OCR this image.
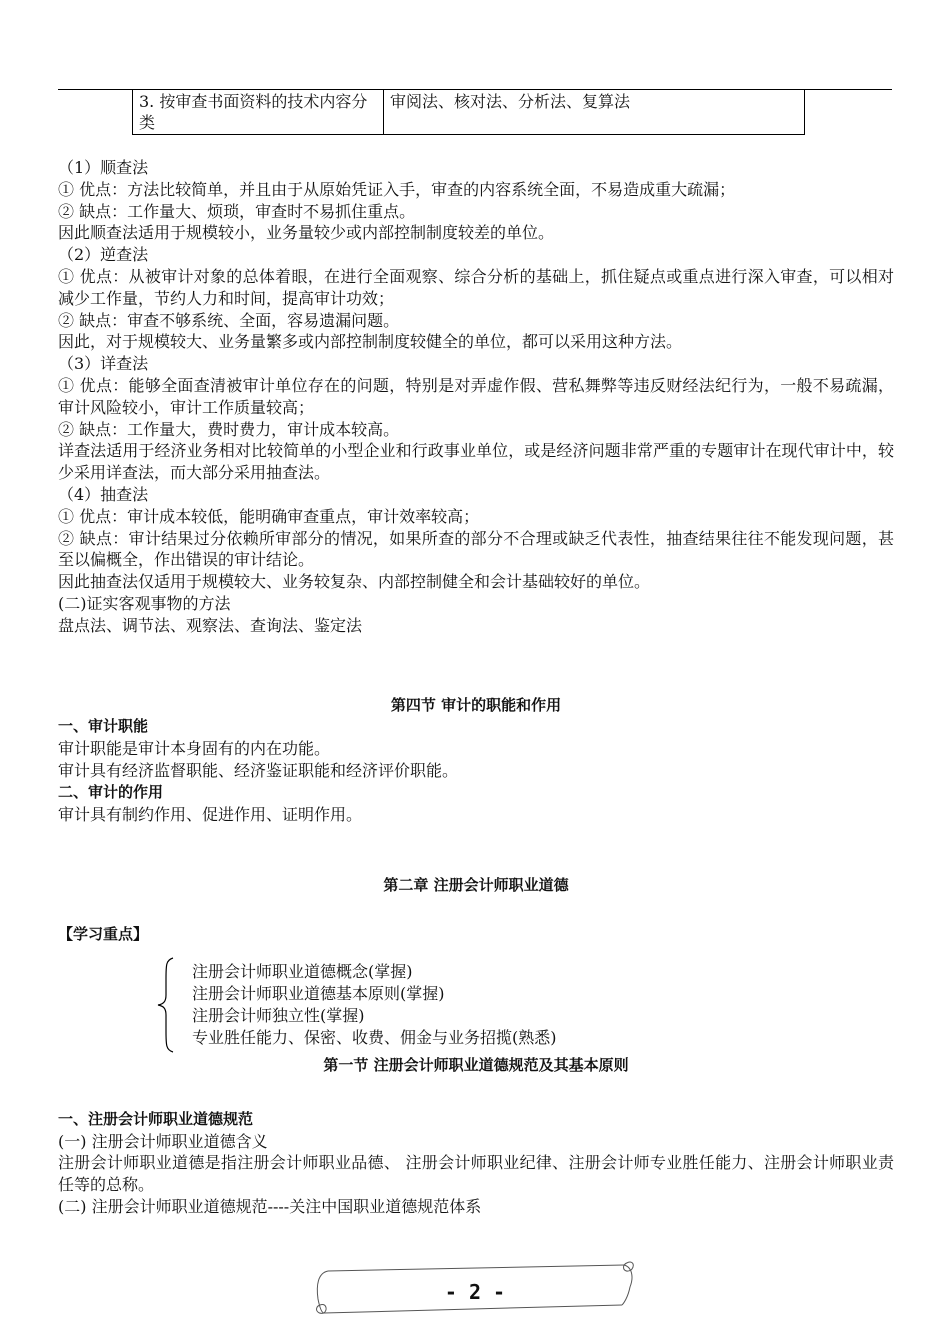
3. 按审查书面资料的技术内容分类	审阅法、核对法、分析法、复算法
（1）顺查法
① 优点：方法比较简单，并且由于从原始凭证入手，审查的内容系统全面，不易造成重大疏漏；
② 缺点：工作量大、烦琐，审查时不易抓住重点。
因此顺查法适用于规模较小，业务量较少或内部控制制度较差的单位。
（2）逆查法
① 优点：从被审计对象的总体着眼，在进行全面观察、综合分析的基础上，抓住疑点或重点进行深入审查，可以相对减少工作量，节约人力和时间，提高审计功效；
② 缺点：审查不够系统、全面，容易遗漏问题。
因此，对于规模较大、业务量繁多或内部控制制度较健全的单位，都可以采用这种方法。
（3）详查法
① 优点：能够全面查清被审计单位存在的问题，特别是对弄虚作假、营私舞弊等违反财经法纪行为，一般不易疏漏，审计风险较小，审计工作质量较高；
② 缺点：工作量大，费时费力，审计成本较高。
详查法适用于经济业务相对比较简单的小型企业和行政事业单位，或是经济问题非常严重的专题审计在现代审计中，较少采用详查法，而大部分采用抽查法。
（4）抽查法
① 优点：审计成本较低，能明确审查重点，审计效率较高；
② 缺点：审计结果过分依赖所审部分的情况，如果所查的部分不合理或缺乏代表性，抽查结果往往不能发现问题，甚至以偏概全，作出错误的审计结论。
因此抽查法仅适用于规模较大、业务较复杂、内部控制健全和会计基础较好的单位。
(二)证实客观事物的方法
盘点法、调节法、观察法、查询法、鉴定法
第四节 审计的职能和作用
一、审计职能
审计职能是审计本身固有的内在功能。
审计具有经济监督职能、经济鉴证职能和经济评价职能。
二、审计的作用
审计具有制约作用、促进作用、证明作用。
第二章 注册会计师职业道德
【学习重点】
注册会计师职业道德概念(掌握)
注册会计师职业道德基本原则(掌握)
注册会计师独立性(掌握)
专业胜任能力、保密、收费、佣金与业务招揽(熟悉)
第一节 注册会计师职业道德规范及其基本原则
一、注册会计师职业道德规范
(一) 注册会计师职业道德含义
注册会计师职业道德是指注册会计师职业品德、 注册会计师职业纪律、注册会计师专业胜任能力、注册会计师职业责任等的总称。
(二) 注册会计师职业道德规范----关注中国职业道德规范体系
- 2 -
